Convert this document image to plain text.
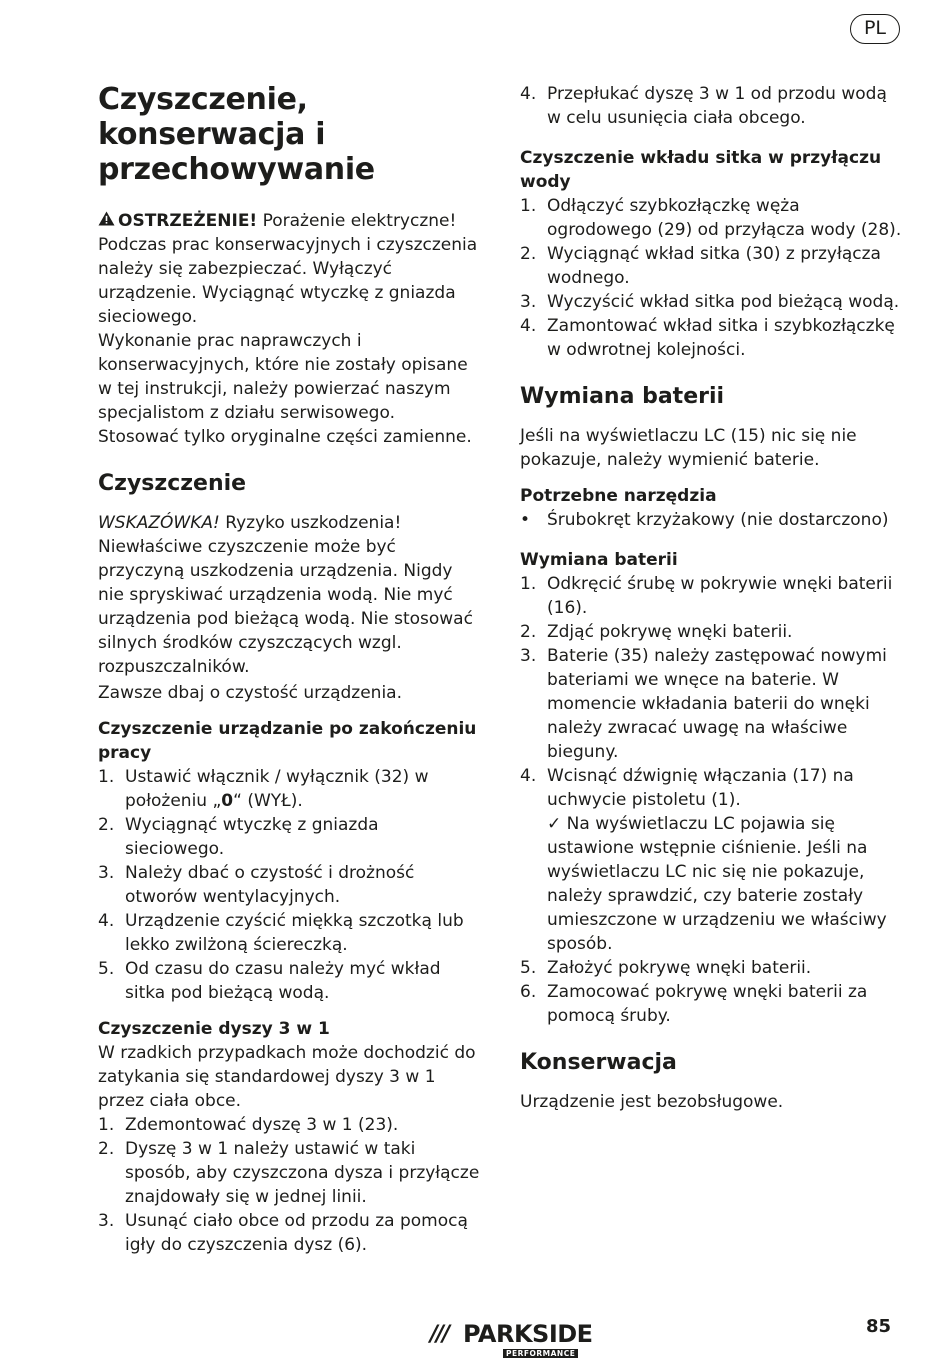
PL
Czyszczenie, konserwacja i przechowywanie

OSTRZEŻENIE! Porażenie elektryczne! Podczas prac konserwacyjnych i czyszczenia należy się zabezpieczać. Wyłączyć urządzenie. Wyciągnąć wtyczkę z gniazda sieciowego.

Wykonanie prac naprawczych i konserwacyjnych, które nie zostały opisane w tej instrukcji, należy powierzać naszym specjalistom z działu serwisowego. Stosować tylko oryginalne części zamienne.

Czyszczenie

WSKAZÓWKA! Ryzyko uszkodzenia! Niewłaściwe czyszczenie może być przyczyną uszkodzenia urządzenia. Nigdy nie spryskiwać urządzenia wodą. Nie myć urządzenia pod bieżącą wodą. Nie stosować silnych środków czyszczących wzgl. rozpuszczalników.

Zawsze dbaj o czystość urządzenia.

Czyszczenie urządzanie po zakończeniu pracy
1. Ustawić włącznik / wyłącznik (32) w położeniu „0“ (WYŁ).
2. Wyciągnąć wtyczkę z gniazda sieciowego.
3. Należy dbać o czystość i drożność otworów wentylacyjnych.
4. Urządzenie czyścić miękką szczotką lub lekko zwilżoną ściereczką.
5. Od czasu do czasu należy myć wkład sitka pod bieżącą wodą.
Czyszczenie dyszy 3 w 1

W rzadkich przypadkach może dochodzić do zatykania się standardowej dyszy 3 w 1 przez ciała obce.

1. Zdemontować dyszę 3 w 1 (23).
2. Dyszę 3 w 1 należy ustawić w taki sposób, aby czyszczona dysza i przyłącze znajdowały się w jednej linii.
3. Usunąć ciało obce od przodu za pomocą igły do czyszczenia dysz (6).
4. Przepłukać dyszę 3 w 1 od przodu wodą w celu usunięcia ciała obcego.
Czyszczenie wkładu sitka w przyłączu wody
1. Odłączyć szybkozłączkę węża ogrodowego (29) od przyłącza wody (28).
2. Wyciągnąć wkład sitka (30) z przyłącza wodnego.
3. Wyczyścić wkład sitka pod bieżącą wodą.
4. Zamontować wkład sitka i szybkozłączkę w odwrotnej kolejności.
Wymiana baterii

Jeśli na wyświetlaczu LC (15) nic się nie pokazuje, należy wymienić baterie.

Potrzebne narzędzia
• Śrubokręt krzyżakowy (nie dostarczono)
Wymiana baterii
1. Odkręcić śrubę w pokrywie wnęki baterii (16).
2. Zdjąć pokrywę wnęki baterii.
3. Baterie (35) należy zastępować nowymi bateriami we wnęce na baterie. W momencie wkładania baterii do wnęki należy zwracać uwagę na właściwe bieguny.
4. Wcisnąć dźwignię włączania (17) na uchwycie pistoletu (1).

✓ Na wyświetlaczu LC pojawia się ustawione wstępnie ciśnienie. Jeśli na wyświetlaczu LC nic się nie pokazuje, należy sprawdzić, czy baterie zostały umieszczone w urządzeniu we właściwy sposób.

5. Założyć pokrywę wnęki baterii.
6. Zamocować pokrywę wnęki baterii za pomocą śruby.
Konserwacja

Urządzenie jest bezobsługowe.

/// PARKSIDE
PERFORMANCE
85
